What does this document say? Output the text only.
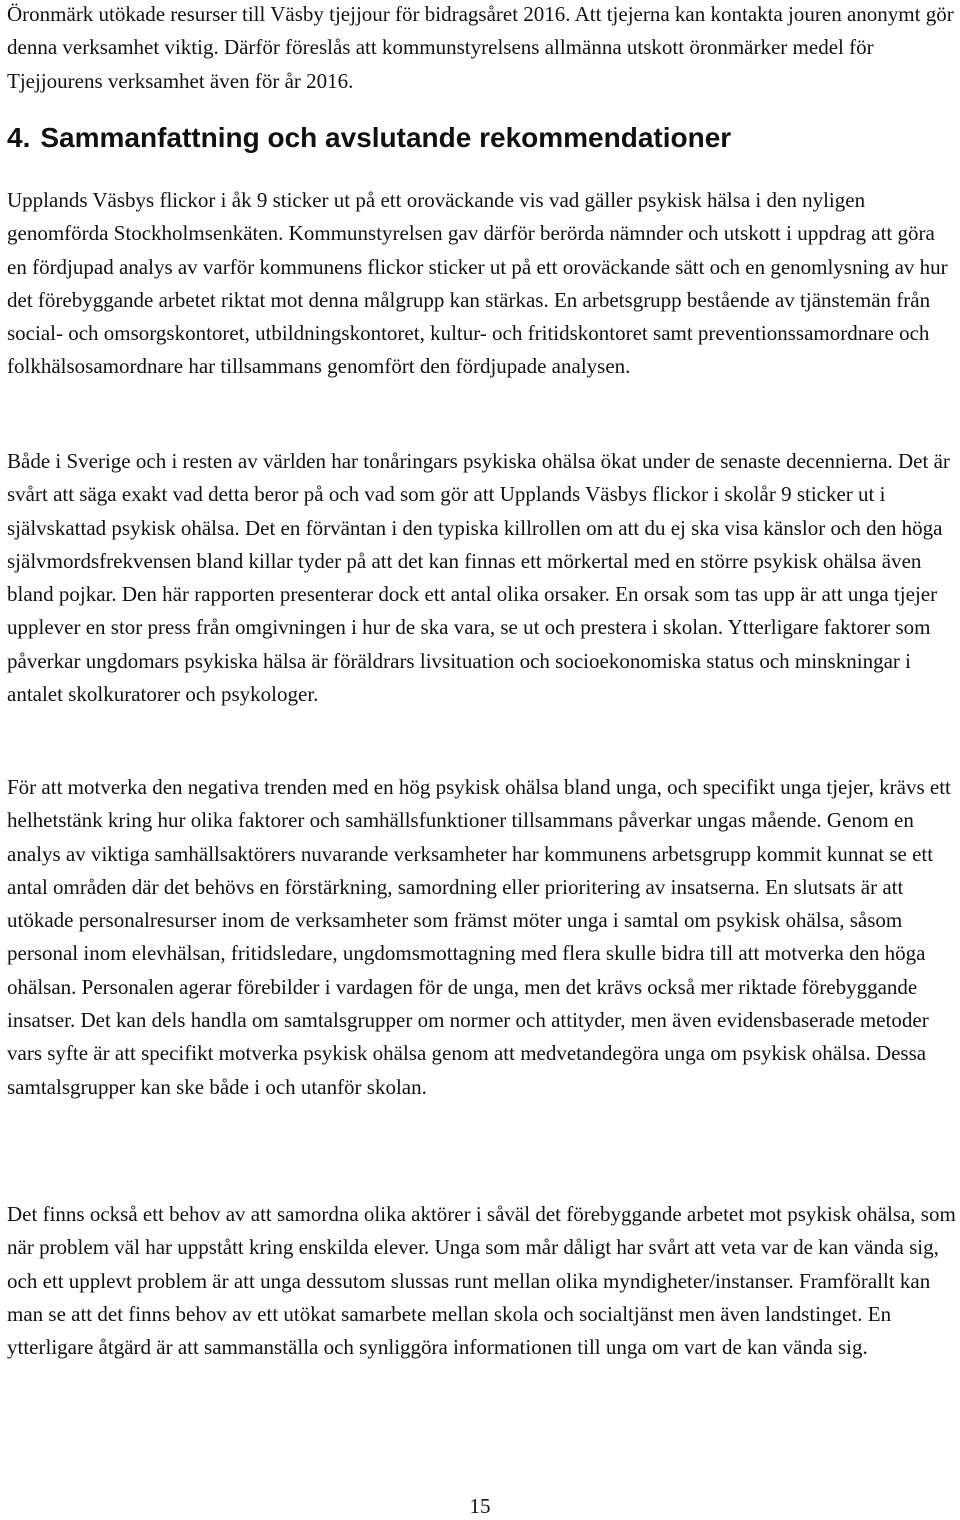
Öronmärk utökade resurser till Väsby tjejjour för bidragsåret 2016. Att tjejerna kan kontakta jouren anonymt gör denna verksamhet viktig. Därför föreslås att kommunstyrelsens allmänna utskott öronmärker medel för Tjejjourens verksamhet även för år 2016.

4. Sammanfattning och avslutande rekommendationer

Upplands Väsbys flickor i åk 9 sticker ut på ett oroväckande vis vad gäller psykisk hälsa i den nyligen genomförda Stockholmsenkäten. Kommunstyrelsen gav därför berörda nämnder och utskott i uppdrag att göra en fördjupad analys av varför kommunens flickor sticker ut på ett oroväckande sätt och en genomlysning av hur det förebyggande arbetet riktat mot denna målgrupp kan stärkas. En arbetsgrupp bestående av tjänstemän från social- och omsorgskontoret, utbildningskontoret, kultur- och fritidskontoret samt preventionssamordnare och folkhälsosamordnare har tillsammans genomfört den fördjupade analysen.

Både i Sverige och i resten av världen har tonåringars psykiska ohälsa ökat under de senaste decennierna. Det är svårt att säga exakt vad detta beror på och vad som gör att Upplands Väsbys flickor i skolår 9 sticker ut i självskattad psykisk ohälsa. Det en förväntan i den typiska killrollen om att du ej ska visa känslor och den höga självmordsfrekvensen bland killar tyder på att det kan finnas ett mörkertal med en större psykisk ohälsa även bland pojkar. Den här rapporten presenterar dock ett antal olika orsaker. En orsak som tas upp är att unga tjejer upplever en stor press från omgivningen i hur de ska vara, se ut och prestera i skolan. Ytterligare faktorer som påverkar ungdomars psykiska hälsa är föräldrars livsituation och socioekonomiska status och minskningar i antalet skolkuratorer och psykologer.

För att motverka den negativa trenden med en hög psykisk ohälsa bland unga, och specifikt unga tjejer, krävs ett helhetstänk kring hur olika faktorer och samhällsfunktioner tillsammans påverkar ungas mående. Genom en analys av viktiga samhällsaktörers nuvarande verksamheter har kommunens arbetsgrupp kommit kunnat se ett antal områden där det behövs en förstärkning, samordning eller prioritering av insatserna. En slutsats är att utökade personalresurser inom de verksamheter som främst möter unga i samtal om psykisk ohälsa, såsom personal inom elevhälsan, fritidsledare, ungdomsmottagning med flera skulle bidra till att motverka den höga ohälsan. Personalen agerar förebilder i vardagen för de unga, men det krävs också mer riktade förebyggande insatser. Det kan dels handla om samtalsgrupper om normer och attityder, men även evidensbaserade metoder vars syfte är att specifikt motverka psykisk ohälsa genom att medvetandegöra unga om psykisk ohälsa. Dessa samtalsgrupper kan ske både i och utanför skolan.

Det finns också ett behov av att samordna olika aktörer i såväl det förebyggande arbetet mot psykisk ohälsa, som när problem väl har uppstått kring enskilda elever. Unga som mår dåligt har svårt att veta var de kan vända sig, och ett upplevt problem är att unga dessutom slussas runt mellan olika myndigheter/instanser. Framförallt kan man se att det finns behov av ett utökat samarbete mellan skola och socialtjänst men även landstinget. En ytterligare åtgärd är att sammanställa och synliggöra informationen till unga om vart de kan vända sig.

15
